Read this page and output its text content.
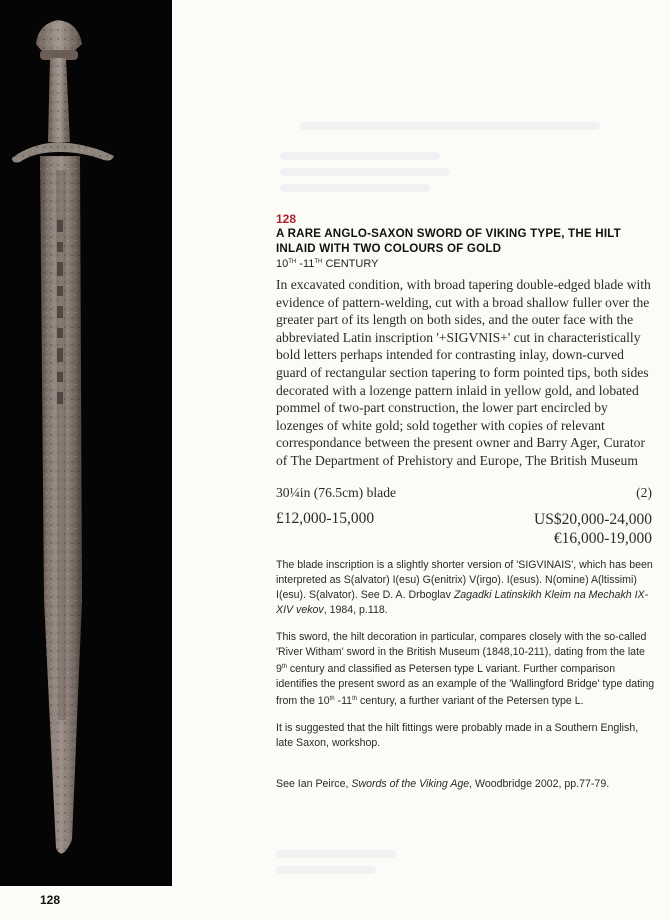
128
128
A RARE ANGLO-SAXON SWORD OF VIKING TYPE, THE HILT INLAID WITH TWO COLOURS OF GOLD
10TH -11TH CENTURY
In excavated condition, with broad tapering double-edged blade with evidence of pattern-welding, cut with a broad shallow fuller over the greater part of its length on both sides, and the outer face with the abbreviated Latin inscription '+SIGVNIS+' cut in characteristically bold letters perhaps intended for contrasting inlay, down-curved guard of rectangular section tapering to form pointed tips, both sides decorated with a lozenge pattern inlaid in yellow gold, and lobated pommel of two-part construction, the lower part encircled by lozenges of white gold; sold together with copies of relevant correspondance between the present owner and Barry Ager, Curator of The Department of Prehistory and Europe, The British Museum
30¼in (76.5cm) blade	(2)
£12,000-15,000	US$20,000-24,000
€16,000-19,000

The blade inscription is a slightly shorter version of 'SIGVINAIS', which has been interpreted as S(alvator) I(esu) G(enitrix) V(irgo). I(esus). N(omine) A(ltissimi) I(esu). S(alvator). See D. A. Drboglav Zagadki Latinskikh Kleim na Mechakh IX-XIV vekov, 1984, p.118.

This sword, the hilt decoration in particular, compares closely with the so-called 'River Witham' sword in the British Museum (1848,10-211), dating from the late 9th century and classified as Petersen type L variant. Further comparison identifies the present sword as an example of the 'Wallingford Bridge' type dating from the 10th -11th century, a further variant of the Petersen type L.

It is suggested that the hilt fittings were probably made in a Southern English, late Saxon, workshop.

See Ian Peirce, Swords of the Viking Age, Woodbridge 2002, pp.77-79.
